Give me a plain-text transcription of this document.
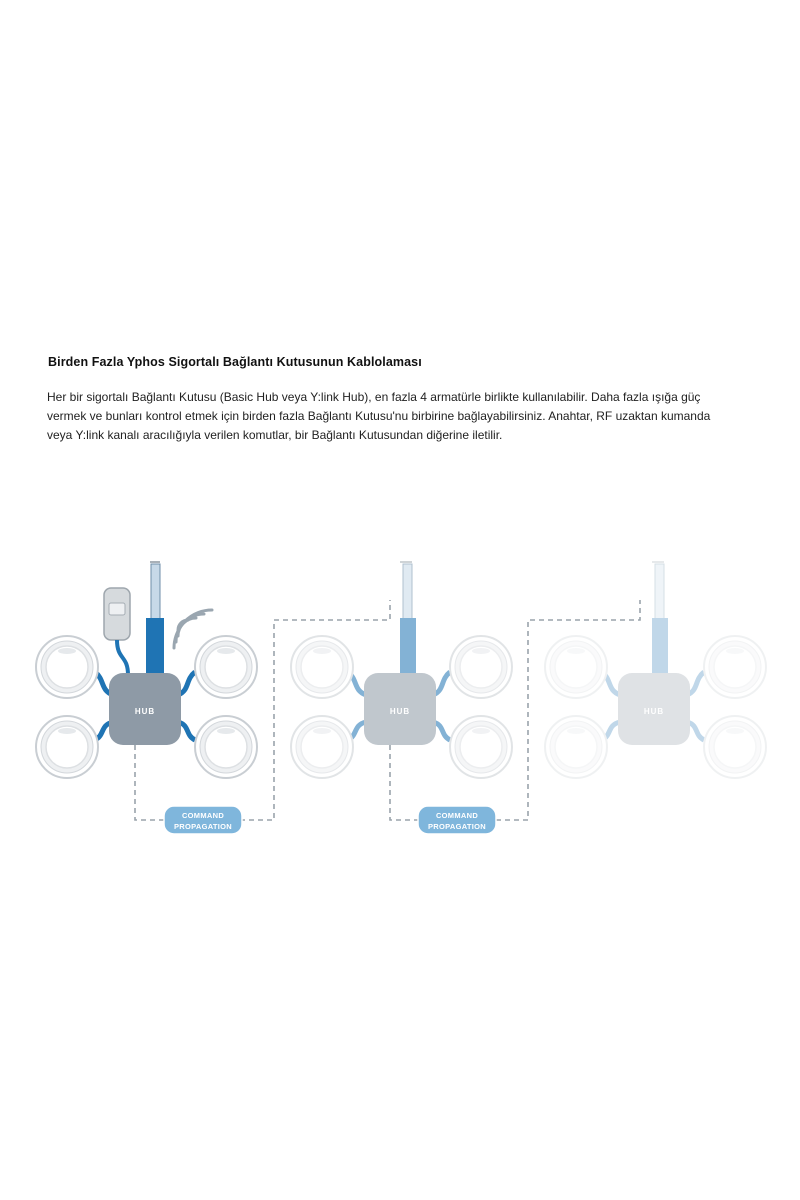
Birden Fazla Yphos Sigortalı Bağlantı Kutusunun Kablolaması
Her bir sigortalı Bağlantı Kutusu (Basic Hub veya Y:link Hub), en fazla 4 armatürle birlikte kullanılabilir. Daha fazla ışığa güç
vermek ve bunları kontrol etmek için birden fazla Bağlantı Kutusu'nu birbirine bağlayabilirsiniz. Anahtar, RF uzaktan kumanda
veya Y:link kanalı aracılığıyla verilen komutlar, bir Bağlantı Kutusundan diğerine iletilir.
HUB
COMMAND
PROPAGATION
HUB
COMMAND
PROPAGATION
HUB
